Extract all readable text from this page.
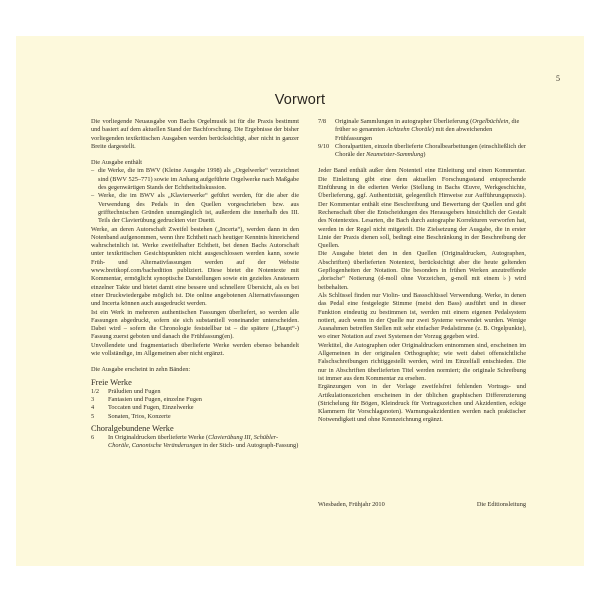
5
Vorwort

Die vorliegende Neuausgabe von Bachs Orgelmusik ist für die Praxis bestimmt und basiert auf dem aktuellen Stand der Bachforschung. Die Ergebnisse der bisher vorliegenden textkritischen Ausgaben werden berücksichtigt, aber nicht in ganzer Breite dargestellt.

Die Ausgabe enthält

– die Werke, die im BWV (Kleine Ausgabe 1998) als „Orgelwerke“ verzeichnet sind (BWV 525–771) sowie im Anhang aufgeführte Orgelwerke nach Maßgabe des gegenwärtigen Stands der Echtheitsdiskussion.

– Werke, die im BWV als „Klavierwerke“ geführt werden, für die aber die Verwendung des Pedals in den Quellen vorgeschrieben bzw. aus grifftechnischen Gründen unumgänglich ist, außerdem die innerhalb des III. Teils der Clavierübung gedruckten vier Duetti.

Werke, an deren Autorschaft Zweifel bestehen („Incerta“), werden dann in den Notenband aufgenommen, wenn ihre Echtheit nach heutiger Kenntnis hinreichend wahrscheinlich ist. Werke zweifelhafter Echtheit, bei denen Bachs Autorschaft unter textkritischen Gesichtspunkten nicht ausgeschlossen werden kann, sowie Früh- und Alternativfassungen werden auf der Website www.breitkopf.com/bachedition publiziert. Diese bietet die Notentexte mit Kommentar, ermöglicht synoptische Darstellungen sowie ein gezieltes Ansteuern einzelner Takte und bietet damit eine bessere und schnellere Übersicht, als es bei einer Druckwiedergabe möglich ist. Die online angebotenen Alternativfassungen und Incerta können auch ausgedruckt werden.

Ist ein Werk in mehreren authentischen Fassungen überliefert, so werden alle Fassungen abgedruckt, sofern sie sich substantiell voneinander unterscheiden. Dabei wird – sofern die Chronologie feststellbar ist – die spätere („Haupt“-) Fassung zuerst geboten und danach die Frühfassung(en).

Unvollendete und fragmentarisch überlieferte Werke werden ebenso behandelt wie vollständige, im Allgemeinen aber nicht ergänzt.

Die Ausgabe erscheint in zehn Bänden:

Freie Werke
1/2	Präludien und Fugen
3	Fantasien und Fugen, einzelne Fugen
4	Toccaten und Fugen, Einzelwerke
5	Sonaten, Trios, Konzerte
Choralgebundene Werke
6	In Originaldrucken überlieferte Werke (Clavierübung III, Schübler-Choräle, Canonische Veränderungen in der Stich- und Autograph-Fassung)
7/8	Originale Sammlungen in autographer Überlieferung (Orgelbüchlein, die früher so genannten Achtzehn Choräle) mit den abweichenden Frühfassungen
9/10 Choralpartiten, einzeln überlieferte Choralbearbeitungen (einschließlich der Choräle der Neumeister-Sammlung)

Jeder Band enthält außer dem Notenteil eine Einleitung und einen Kommentar. Die Einleitung gibt eine dem aktuellen Forschungsstand entsprechende Einführung in die edierten Werke (Stellung in Bachs Œuvre, Werkgeschichte, Überlieferung, ggf. Authentizität, gelegentlich Hinweise zur Aufführungspraxis). Der Kommentar enthält eine Beschreibung und Bewertung der Quellen und gibt Rechenschaft über die Entscheidungen des Herausgebers hinsichtlich der Gestalt des Notentextes. Lesarten, die Bach durch autographe Korrekturen verworfen hat, werden in der Regel nicht mitgeteilt. Die Zielsetzung der Ausgabe, die in erster Linie der Praxis dienen soll, bedingt eine Beschränkung in der Beschreibung der Quellen.

Die Ausgabe bietet den in den Quellen (Originaldrucken, Autographen, Abschriften) überlieferten Notentext, berücksichtigt aber die heute geltenden Gepflogenheiten der Notation. Die besonders in frühen Werken anzutreffende „dorische“ Notierung (d-moll ohne Vorzeichen, g-moll mit einem ♭) wird beibehalten.

Als Schlüssel finden nur Violin- und Bassschlüssel Verwendung. Werke, in denen das Pedal eine festgelegte Stimme (meist den Bass) ausführt und in dieser Funktion eindeutig zu bestimmen ist, werden mit einem eigenen Pedalsystem notiert, auch wenn in der Quelle nur zwei Systeme verwendet wurden. Wenige Ausnahmen betreffen Stellen mit sehr einfacher Pedalstimme (z. B. Orgelpunkte), wo einer Notation auf zwei Systemen der Vorzug gegeben wird.

Werktitel, die Autographen oder Originaldrucken entnommen sind, erscheinen im Allgemeinen in der originalen Orthographie; wie weit dabei offensichtliche Falschschreibungen richtiggestellt werden, wird im Einzelfall entschieden. Die nur in Abschriften überlieferten Titel werden normiert; die originale Schreibung ist immer aus dem Kommentar zu ersehen.

Ergänzungen von in der Vorlage zweifelsfrei fehlenden Vortrags- und Artikulationszeichen erscheinen in der üblichen graphischen Differenzierung (Strichelung für Bögen, Kleindruck für Vortragszeichen und Akzidentien, eckige Klammern für Vorschlagsnoten). Warnungsakzidentien werden nach praktischer Notwendigkeit und ohne Kennzeichnung ergänzt.

Wiesbaden, Frühjahr 2010	Die Editionsleitung
